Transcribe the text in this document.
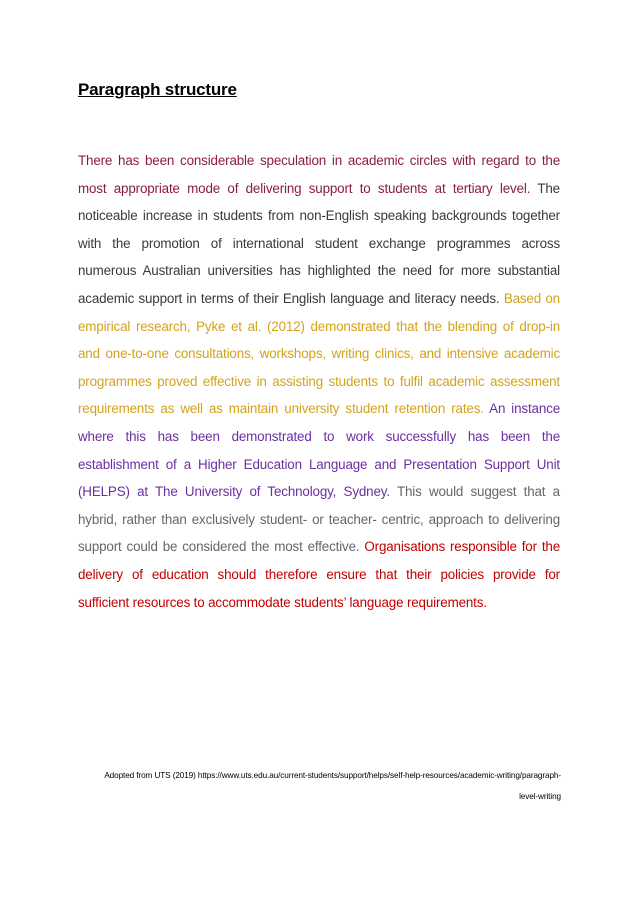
Paragraph structure

There has been considerable speculation in academic circles with regard to the most appropriate mode of delivering support to students at tertiary level. The noticeable increase in students from non-English speaking backgrounds together with the promotion of international student exchange programmes across numerous Australian universities has highlighted the need for more substantial academic support in terms of their English language and literacy needs. Based on empirical research, Pyke et al. (2012) demonstrated that the blending of drop-in and one-to-one consultations, workshops, writing clinics, and intensive academic programmes proved effective in assisting students to fulfil academic assessment requirements as well as maintain university student retention rates. An instance where this has been demonstrated to work successfully has been the establishment of a Higher Education Language and Presentation Support Unit (HELPS) at The University of Technology, Sydney. This would suggest that a hybrid, rather than exclusively student- or teacher- centric, approach to delivering support could be considered the most effective. Organisations responsible for the delivery of education should therefore ensure that their policies provide for sufficient resources to accommodate students’ language requirements.

Adopted from UTS (2019) https://www.uts.edu.au/current-students/support/helps/self-help-resources/academic-writing/paragraph-level-writing
